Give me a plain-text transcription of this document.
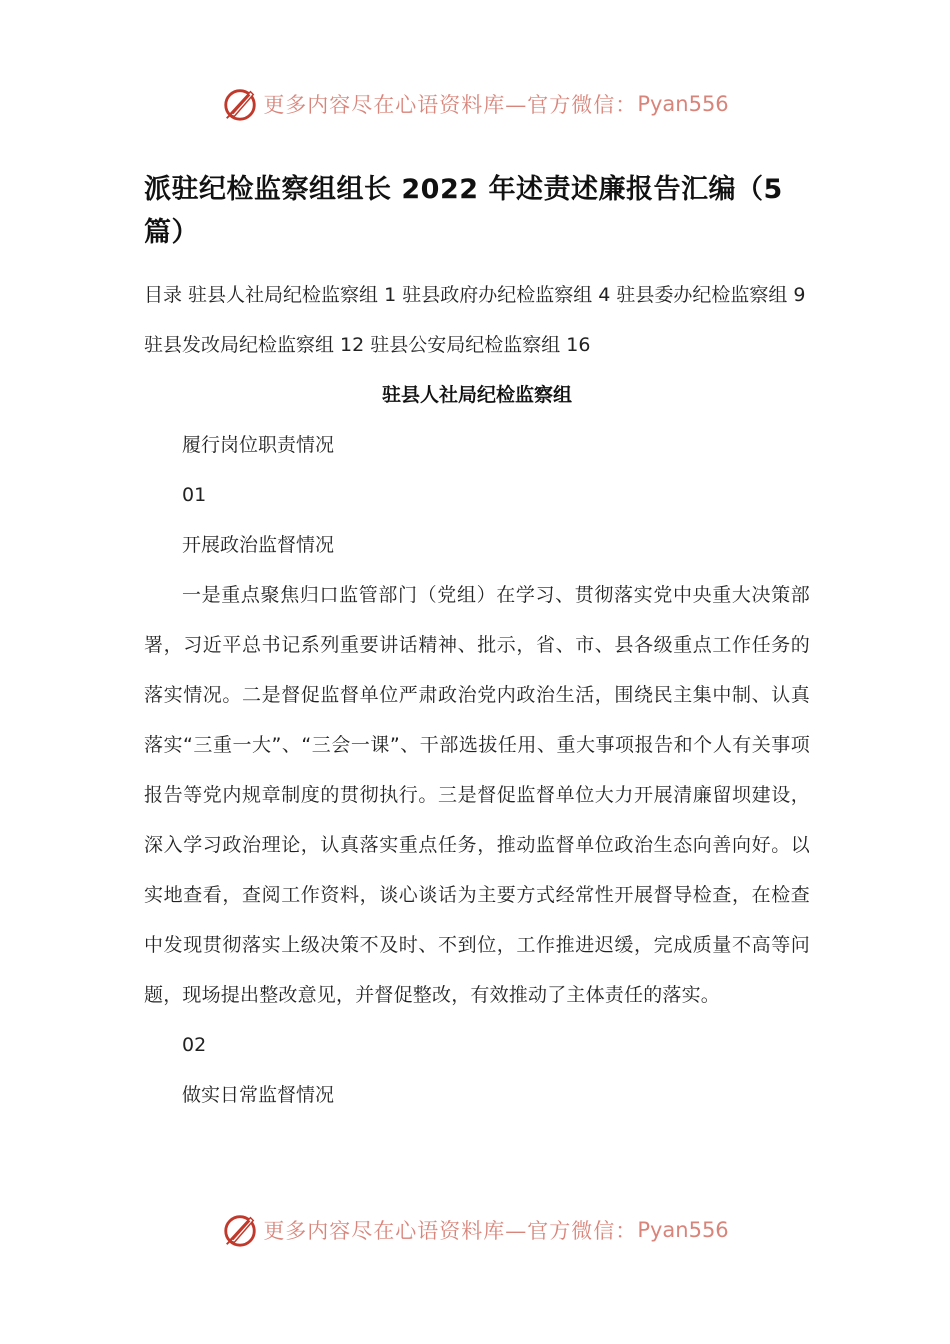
更多内容尽在心语资料库—官方微信： Pyan556
派驻纪检监察组组长 2022 年述责述廉报告汇编（5篇）

目录 驻县人社局纪检监察组 1 驻县政府办纪检监察组 4 驻县委办纪检监察组 9 驻县发改局纪检监察组 12 驻县公安局纪检监察组 16

驻县人社局纪检监察组

履行岗位职责情况

01

开展政治监督情况

一是重点聚焦归口监管部门（党组）在学习、贯彻落实党中央重大决策部署，习近平总书记系列重要讲话精神、批示，省、市、县各级重点工作任务的落实情况。二是督促监督单位严肃政治党内政治生活，围绕民主集中制、认真落实“三重一大”、“三会一课”、干部选拔任用、重大事项报告和个人有关事项报告等党内规章制度的贯彻执行。三是督促监督单位大力开展清廉留坝建设，深入学习政治理论，认真落实重点任务，推动监督单位政治生态向善向好。以实地查看，查阅工作资料，谈心谈话为主要方式经常性开展督导检查，在检查中发现贯彻落实上级决策不及时、不到位，工作推进迟缓，完成质量不高等问题，现场提出整改意见，并督促整改，有效推动了主体责任的落实。

02

做实日常监督情况

更多内容尽在心语资料库—官方微信： Pyan556
